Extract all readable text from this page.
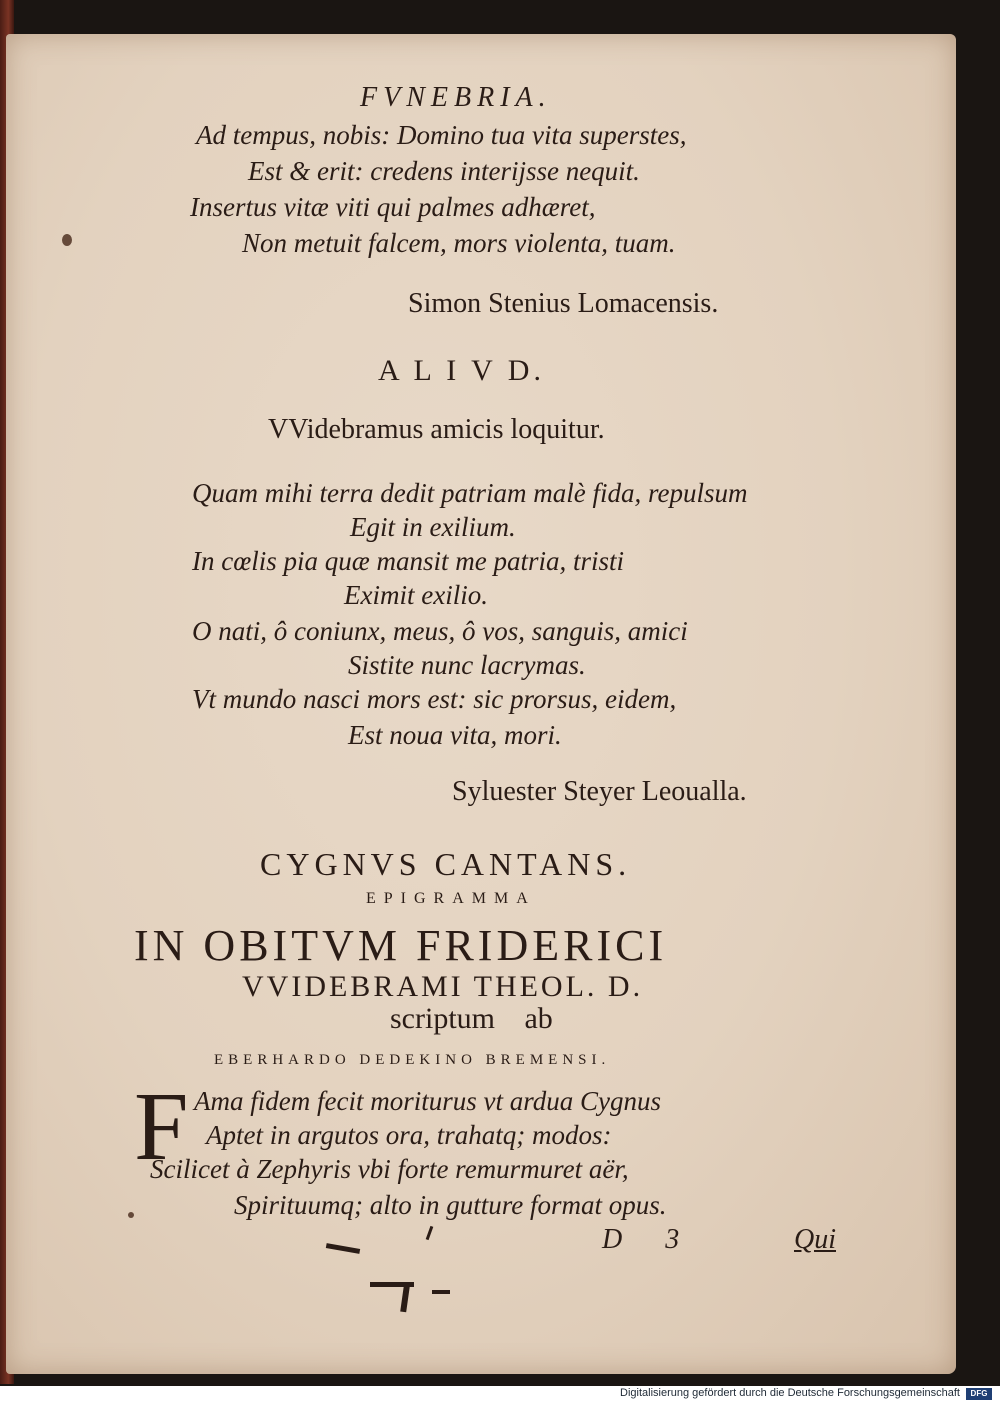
FVNEBRIA.
Ad tempus, nobis: Domino tua vita superstes,
Est & erit: credens interijsse nequit.
Insertus vitæ viti qui palmes adhæret,
Non metuit falcem, mors violenta, tuam.
Simon Stenius Lomacensis.
A L I V D.
VVidebramus amicis loquitur.
Quam mihi terra dedit patriam malè fida, repulsum
Egit in exilium.
In cœlis pia quæ mansit me patria, tristi
Eximit exilio.
O nati, ô coniunx, meus, ô vos, sanguis, amici
Sistite nunc lacrymas.
Vt mundo nasci mors est: sic prorsus, eidem,
Est noua vita, mori.
Syluester Steyer Leoualla.
CYGNVS CANTANS.
EPIGRAMMA
IN OBITVM FRIDERICI
VVIDEBRAMI THEOL. D.
scriptum ab
EBERHARDO DEDEKINO BREMENSI.
F Ama fidem fecit moriturus vt ardua Cygnus
Aptet in argutos ora, trahatq; modos:
Scilicet à Zephyris vbi forte remurmuret aër,
Spirituumq; alto in gutture format opus.
D 3	Qui
Digitalisierung gefördert durch die Deutsche Forschungsgemeinschaft	DFG
